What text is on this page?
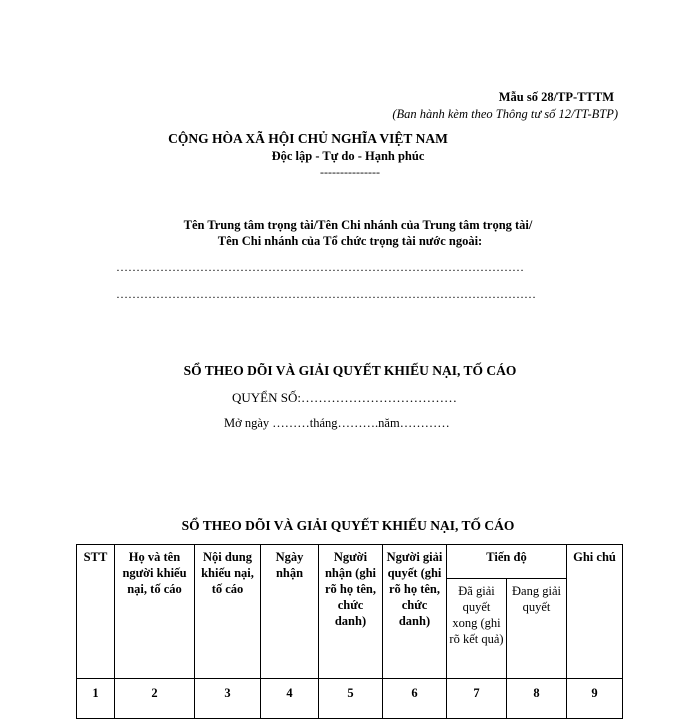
Mẫu số 28/TP-TTTM
(Ban hành kèm theo Thông tư số 12/TT-BTP)
CỘNG HÒA XÃ HỘI CHỦ NGHĨA VIỆT NAM
Độc lập - Tự do - Hạnh phúc
---------------
Tên Trung tâm trọng tài/Tên Chi nhánh của Trung tâm trọng tài/
Tên Chi nhánh của Tổ chức trọng tài nước ngoài:
…………………………………………………………………………………………
……………………………………………………………………………………………
SỔ THEO DÕI VÀ GIẢI QUYẾT KHIẾU NẠI, TỐ CÁO
QUYỂN SỐ:………………………………
Mở ngày ………tháng……….năm…………
SỔ THEO DÕI VÀ GIẢI QUYẾT KHIẾU NẠI, TỐ CÁO
STT	Họ và tên người khiếu nại, tố cáo	Nội dung khiếu nại, tố cáo	Ngày nhận	Người nhận (ghi rõ họ tên, chức danh)	Người giải quyết (ghi rõ họ tên, chức danh)	Tiến độ		Ghi chú
						Đã giải quyết xong (ghi rõ kết quả)	Đang giải quyết	
1	2	3	4	5	6	7	8	9
